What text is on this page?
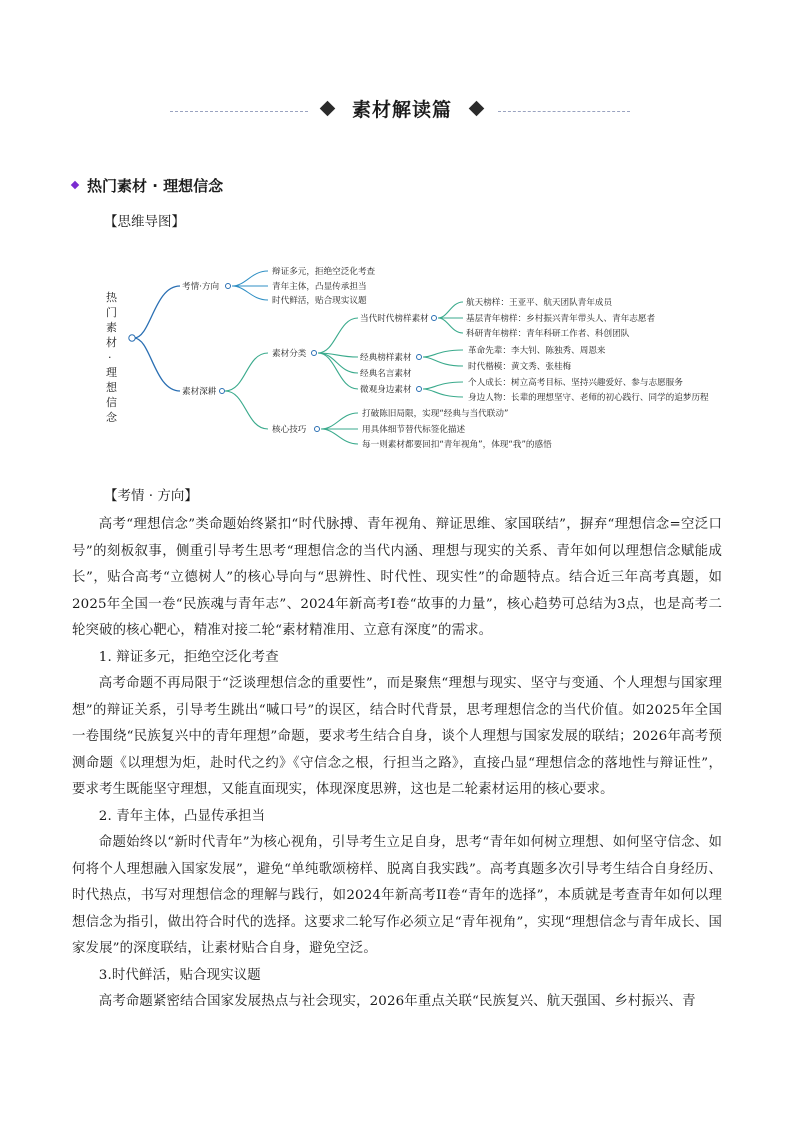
素材解读篇
热门素材 · 理想信念
【思维导图】
热
门
素
材
·
理
想
信
念
考情·方向
辩证多元，拒绝空泛化考查
青年主体，凸显传承担当
时代鲜活，贴合现实议题
素材深耕
素材分类
当代时代榜样素材
航天榜样：王亚平、航天团队青年成员
基层青年榜样：乡村振兴青年带头人、青年志愿者
科研青年榜样：青年科研工作者、科创团队
经典榜样素材
革命先辈：李大钊、陈独秀、周恩来
时代楷模：黄文秀、张桂梅
经典名言素材
微观身边素材
个人成长：树立高考目标、坚持兴趣爱好、参与志愿服务
身边人物：长辈的理想坚守、老师的初心践行、同学的追梦历程
核心技巧
打破陈旧局限，实现“经典与当代联动”
用具体细节替代标签化描述
每一则素材都要回扣“青年视角”，体现“我”的感悟
【考情 · 方向】

高考“理想信念”类命题始终紧扣“时代脉搏、青年视角、辩证思维、家国联结”，摒弃“理想信念=空泛口号”的刻板叙事，侧重引导考生思考“理想信念的当代内涵、理想与现实的关系、青年如何以理想信念赋能成长”，贴合高考“立德树人”的核心导向与“思辨性、时代性、现实性”的命题特点。结合近三年高考真题，如2025年全国一卷“民族魂与青年志”、2024年新高考I卷“故事的力量”，核心趋势可总结为3点，也是高考二轮突破的核心靶心，精准对接二轮“素材精准用、立意有深度”的需求。

1. 辩证多元，拒绝空泛化考查

高考命题不再局限于“泛谈理想信念的重要性”，而是聚焦“理想与现实、坚守与变通、个人理想与国家理想”的辩证关系，引导考生跳出“喊口号”的误区，结合时代背景，思考理想信念的当代价值。如2025年全国一卷围绕“民族复兴中的青年理想”命题，要求考生结合自身，谈个人理想与国家发展的联结；2026年高考预测命题《以理想为炬，赴时代之约》《守信念之根，行担当之路》，直接凸显“理想信念的落地性与辩证性”，要求考生既能坚守理想，又能直面现实，体现深度思辨，这也是二轮素材运用的核心要求。

2. 青年主体，凸显传承担当

命题始终以“新时代青年”为核心视角，引导考生立足自身，思考“青年如何树立理想、如何坚守信念、如何将个人理想融入国家发展”，避免“单纯歌颂榜样、脱离自我实践”。高考真题多次引导考生结合自身经历、时代热点，书写对理想信念的理解与践行，如2024年新高考II卷“青年的选择”，本质就是考查青年如何以理想信念为指引，做出符合时代的选择。这要求二轮写作必须立足“青年视角”，实现“理想信念与青年成长、国家发展”的深度联结，让素材贴合自身，避免空泛。

3.时代鲜活，贴合现实议题

高考命题紧密结合国家发展热点与社会现实，2026年重点关联“民族复兴、航天强国、乡村振兴、青
